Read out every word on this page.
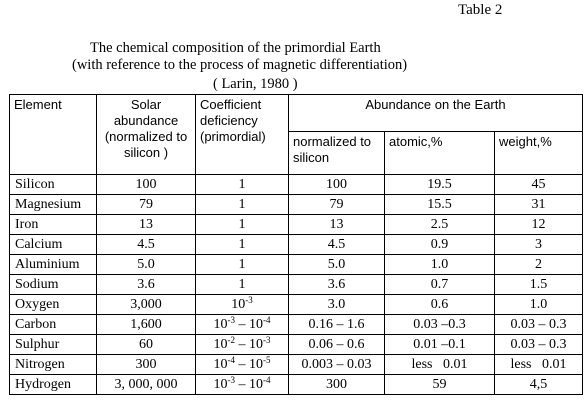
Table 2
The chemical composition of the primordial Earth
(with reference to the process of magnetic differentiation)
( Larin, 1980 )
Element	Solar abundance (normalized to silicon )	Coefficient deficiency (primordial)	Abundance on the Earth		
			normalized to silicon	atomic,%	weight,%
Silicon	100	1	100	19.5	45
Magnesium	79	1	79	15.5	31
Iron	13	1	13	2.5	12
Calcium	4.5	1	4.5	0.9	3
Aluminium	5.0	1	5.0	1.0	2
Sodium	3.6	1	3.6	0.7	1.5
Oxygen	3,000	$10^{-3}$	3.0	0.6	1.0
Carbon	1,600	$10^{-3} - 10^{-4}$	0.16 – 1.6	0.03 –0.3	0.03 – 0.3
Sulphur	60	$10^{-2} - 10^{-3}$	0.06 – 0.6	0.01 –0.1	0.03 – 0.3
Nitrogen	300	$10^{-4} - 10^{-5}$	0.003 – 0.03	less   0.01	less   0.01
Hydrogen	3, 000, 000	$10^{-3} - 10^{-4}$	300	59	4,5
